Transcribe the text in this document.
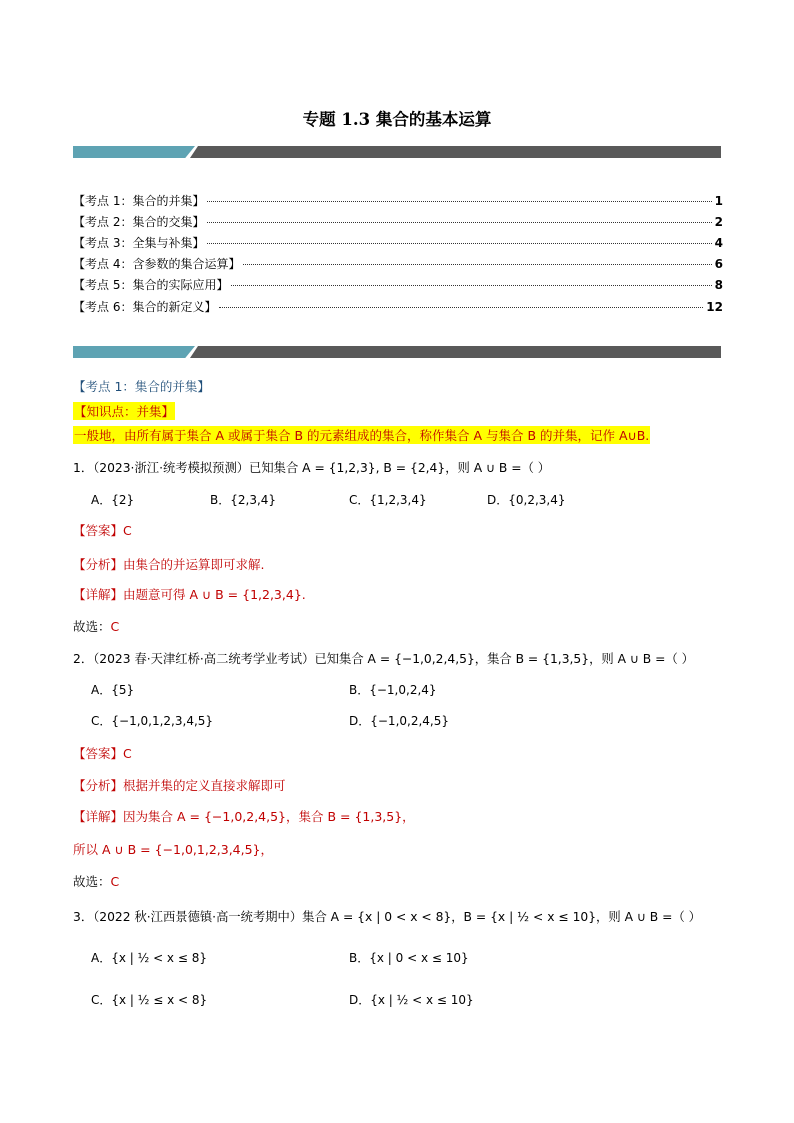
专题 1.3 集合的基本运算
【考点 1：集合的并集】	1
【考点 2：集合的交集】	2
【考点 3：全集与补集】	4
【考点 4：含参数的集合运算】	6
【考点 5：集合的实际应用】	8
【考点 6：集合的新定义】	12
【考点 1：集合的并集】
【知识点：并集】
一般地，由所有属于集合 A 或属于集合 B 的元素组成的集合，称作集合 A 与集合 B 的并集，记作 A∪B.
1．（2023·浙江·统考模拟预测）已知集合 A = {1,2,3}, B = {2,4}，则 A ∪ B =（ ）
A．{2}	B．{2,3,4}	C．{1,2,3,4}	D．{0,2,3,4}
【答案】C
【分析】由集合的并运算即可求解.
【详解】由题意可得 A ∪ B = {1,2,3,4}.
故选：C
2．（2023 春·天津红桥·高二统考学业考试）已知集合 A = {−1,0,2,4,5}，集合 B = {1,3,5}，则 A ∪ B =（ ）
A．{5}	B．{−1,0,2,4}
C．{−1,0,1,2,3,4,5}	D．{−1,0,2,4,5}
【答案】C
【分析】根据并集的定义直接求解即可
【详解】因为集合 A = {−1,0,2,4,5}，集合 B = {1,3,5}，
所以 A ∪ B = {−1,0,1,2,3,4,5}，
故选：C
3．（2022 秋·江西景德镇·高一统考期中）集合 A = {x | 0 < x < 8}，B = {x | ½ < x ≤ 10}，则 A ∪ B =（ ）
A．{x | ½ < x ≤ 8}	B．{x | 0 < x ≤ 10}
C．{x | ½ ≤ x < 8}	D．{x | ½ < x ≤ 10}
